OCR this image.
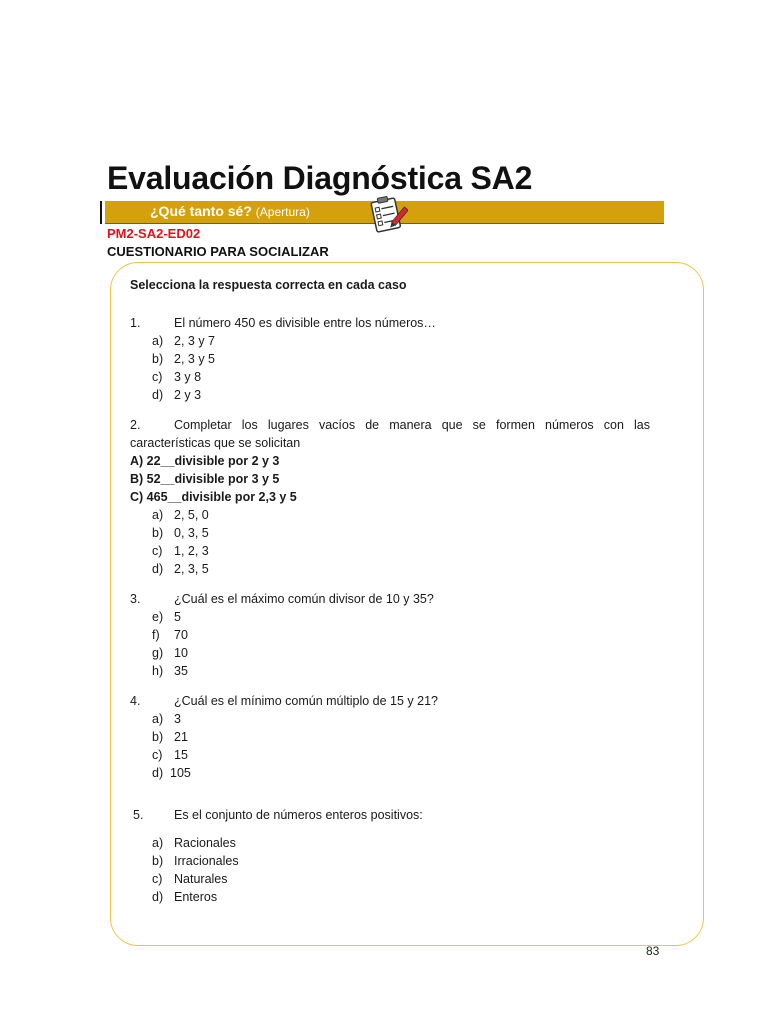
Evaluación Diagnóstica SA2
¿Qué tanto sé? (Apertura)
PM2-SA2-ED02
CUESTIONARIO PARA SOCIALIZAR

Selecciona la respuesta correcta en cada caso

1.	El número 450 es divisible entre los números…
a) 2, 3 y 7
b) 2, 3 y 5
c) 3 y 8
d) 2 y 3
2.	Completar los lugares vacíos de manera que se formen números con las
características que se solicitan
A) 22__divisible por 2 y 3
B) 52__divisible por 3 y 5
C) 465__divisible por 2,3 y 5
a) 2, 5, 0
b) 0, 3, 5
c) 1, 2, 3
d) 2, 3, 5
3.	¿Cuál es el máximo común divisor de 10 y 35?
e) 5
f)	70
g) 10
h) 35
4.	¿Cuál es el mínimo común múltiplo de 15 y 21?
a) 3
b) 21
c) 15
d) 105
5.	Es el conjunto de números enteros positivos:
a) Racionales
b) Irracionales
c) Naturales
d) Enteros
83
